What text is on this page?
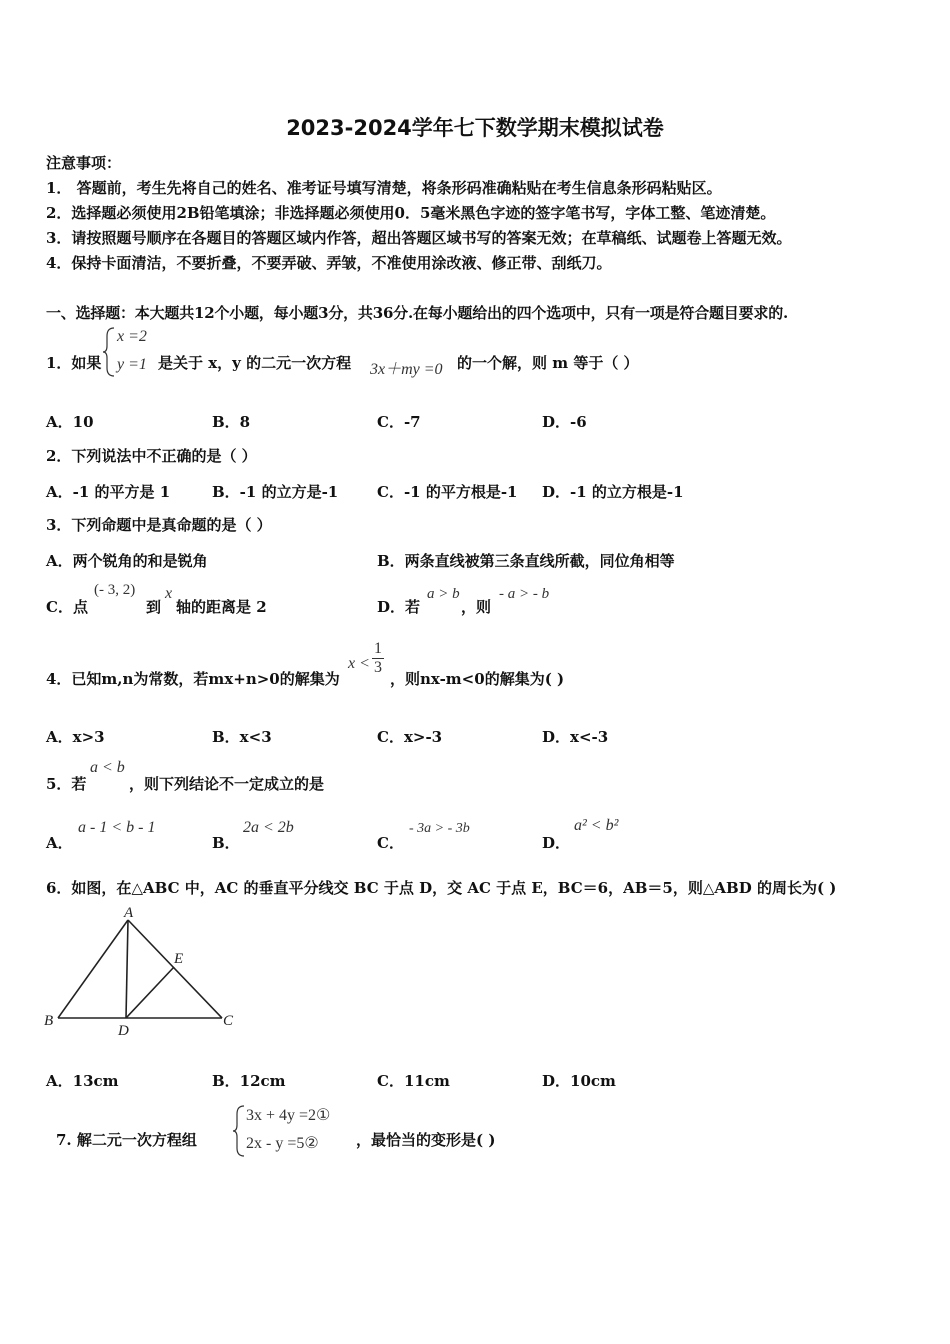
2023-2024学年七下数学期末模拟试卷
注意事项：
1． 答题前，考生先将自己的姓名、准考证号填写清楚，将条形码准确粘贴在考生信息条形码粘贴区。
2．选择题必须使用2B铅笔填涂；非选择题必须使用0．5毫米黑色字迹的签字笔书写，字体工整、笔迹清楚。
3．请按照题号顺序在各题目的答题区域内作答，超出答题区域书写的答案无效；在草稿纸、试题卷上答题无效。
4．保持卡面清洁，不要折叠，不要弄破、弄皱，不准使用涂改液、修正带、刮纸刀。
一、选择题：本大题共12个小题，每小题3分，共36分.在每小题给出的四个选项中，只有一项是符合题目要求的.
1．如果
x =2
y =1 是关于 x，y 的二元一次方程 3x＋my =0 的一个解，则 m 等于（ ）
A．10	B．8	C．-7	D．-6
2．下列说法中不正确的是（ ）
A．-1 的平方是 1	B．-1 的立方是-1	C．-1 的平方根是-1 D．-1 的立方根是-1
3．下列命题中是真命题的是（ ）
A．两个锐角的和是锐角	B．两条直线被第三条直线所截，同位角相等
C．点
(- 3, 2)
到
x
轴的距离是 2	D．若
a > b
，则
- a > - b
4．已知m,n为常数，若mx+n>0的解集为
$x < \frac{1}{3}$
，则nx-m<0的解集为( )
A．x>3	B．x<3	C．x>-3	D．x<-3
5．若
a < b
，则下列结论不一定成立的是
A．
a - 1 < b - 1
B．
2a < 2b
C．
- 3a > - 3b
D．
a² < b²
6．如图，在△ABC 中，AC 的垂直平分线交 BC 于点 D，交 AC 于点 E，BC＝6，AB＝5，则△ABD 的周长为( )
A
E
B
D
C
A．13cm	B．12cm	C．11cm	D．10cm
7. 解二元一次方程组
3x + 4y =2①
2x - y =5② ，最恰当的变形是( )
